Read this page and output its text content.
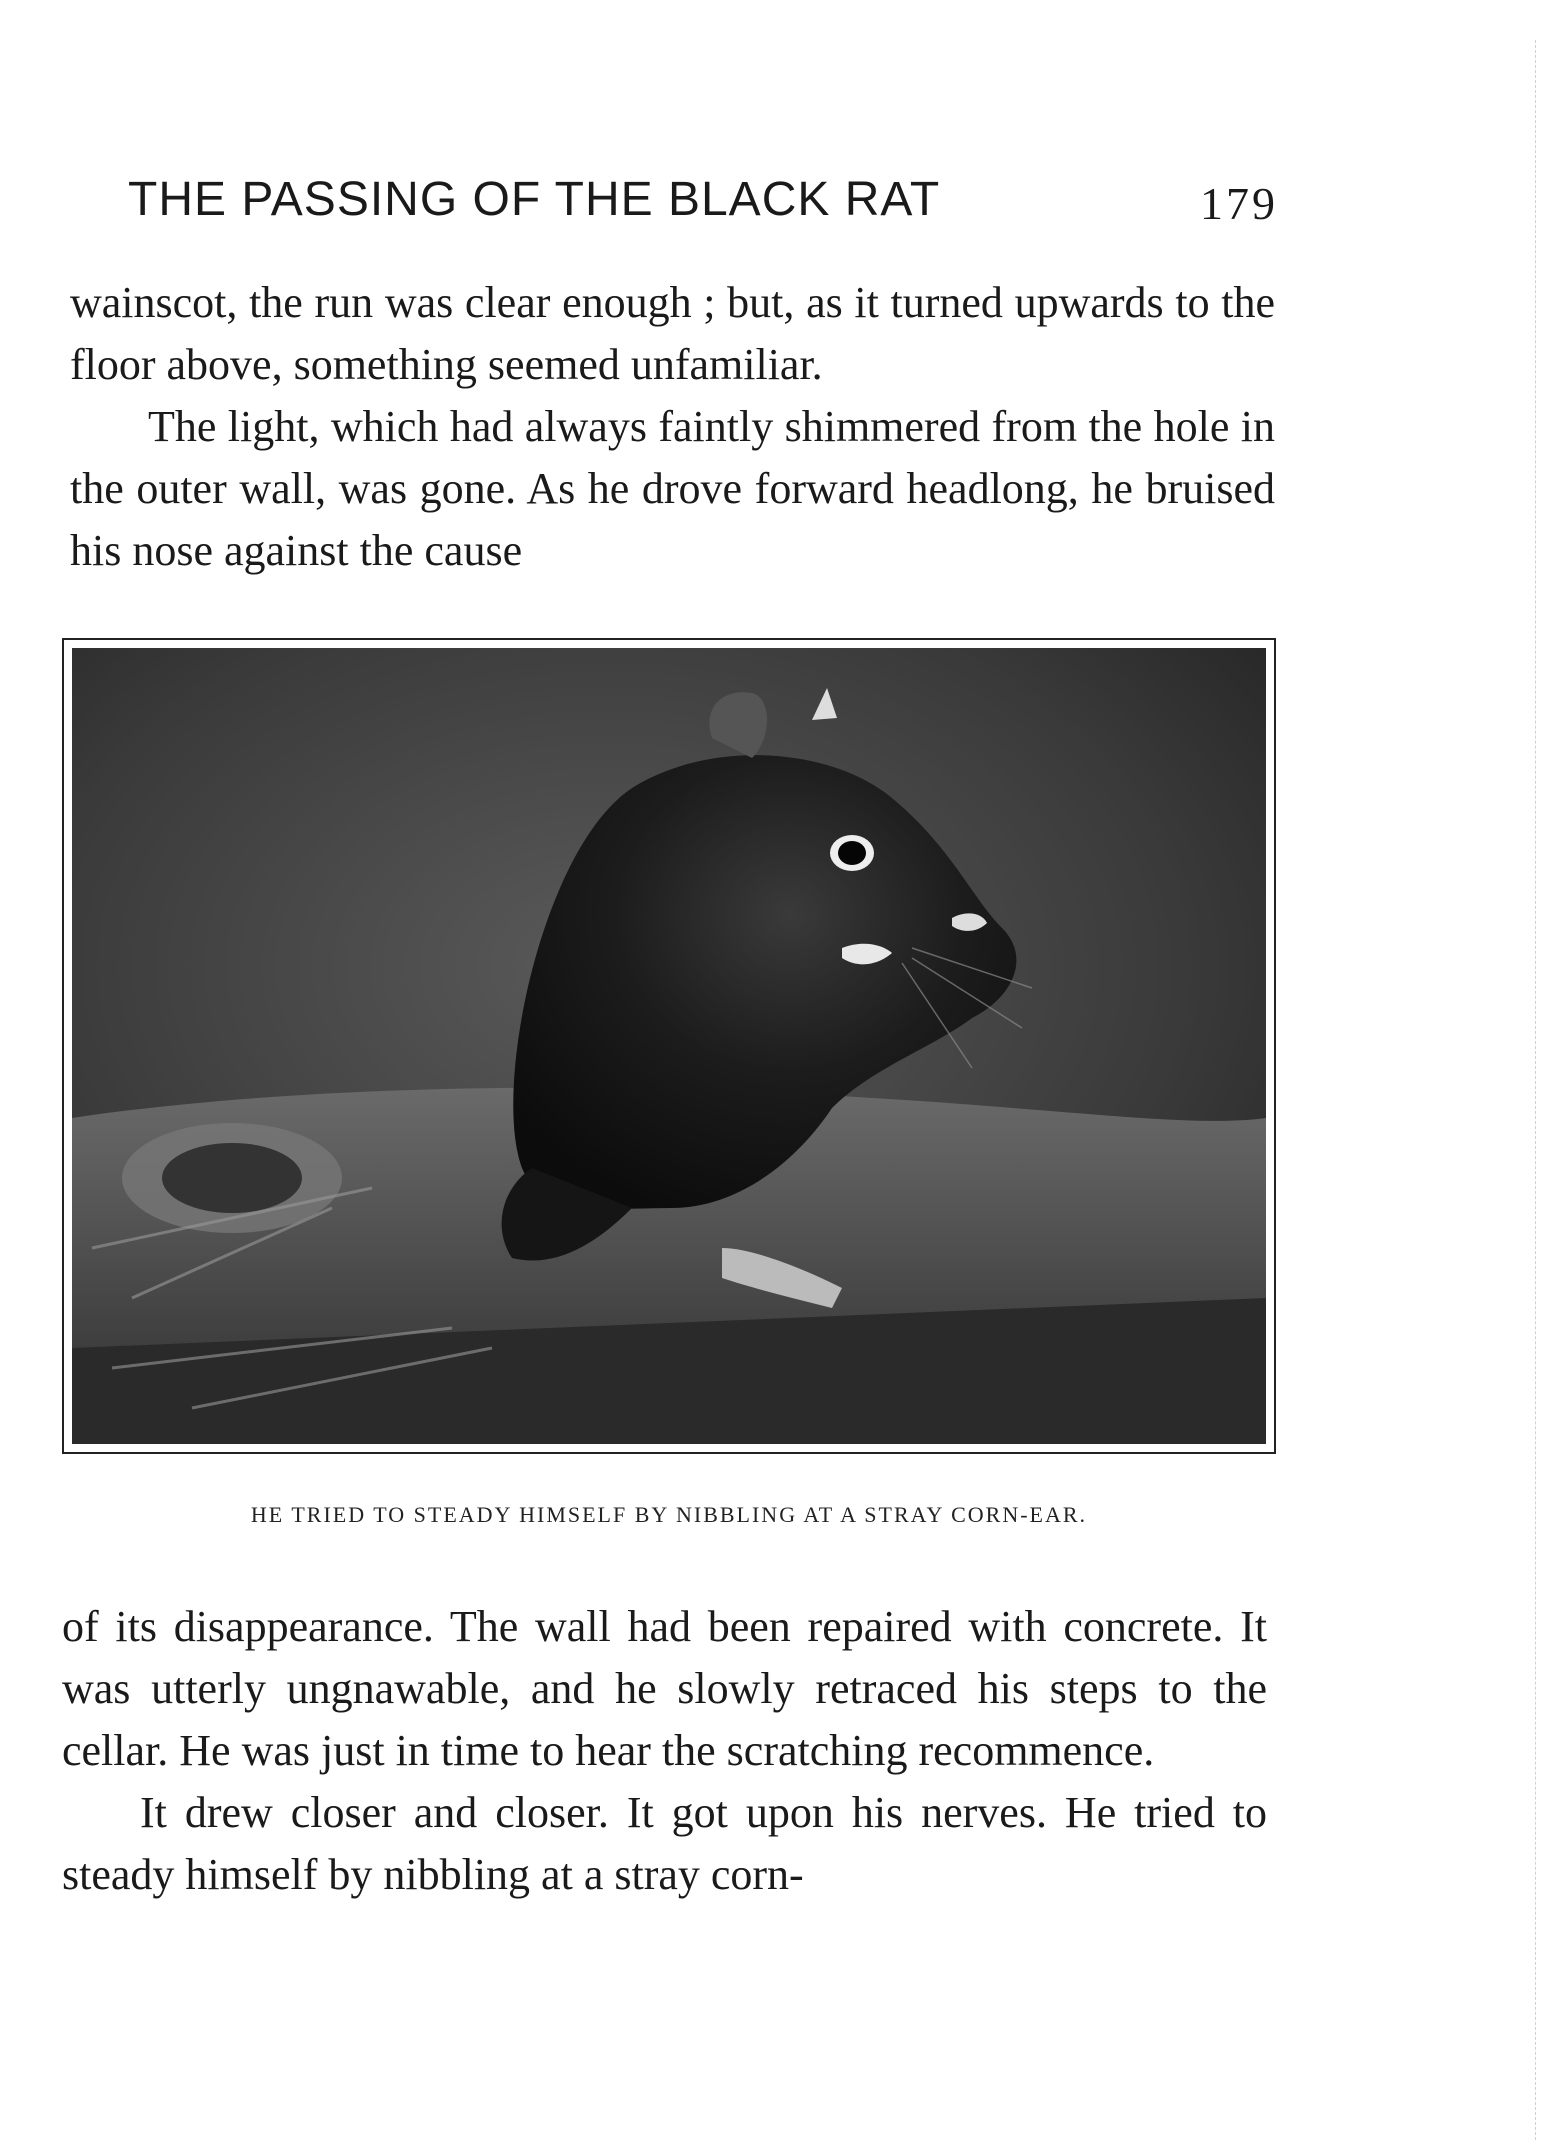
THE PASSING OF THE BLACK RAT	179

wainscot, the run was clear enough ; but, as it turned upwards to the floor above, something seemed unfamiliar.

The light, which had always faintly shimmered from the hole in the outer wall, was gone. As he drove forward headlong, he bruised his nose against the cause

HE TRIED TO STEADY HIMSELF BY NIBBLING AT A STRAY CORN-EAR.

of its disappearance. The wall had been repaired with concrete. It was utterly ungnawable, and he slowly retraced his steps to the cellar. He was just in time to hear the scratching recommence.

It drew closer and closer. It got upon his nerves. He tried to steady himself by nibbling at a stray corn-
